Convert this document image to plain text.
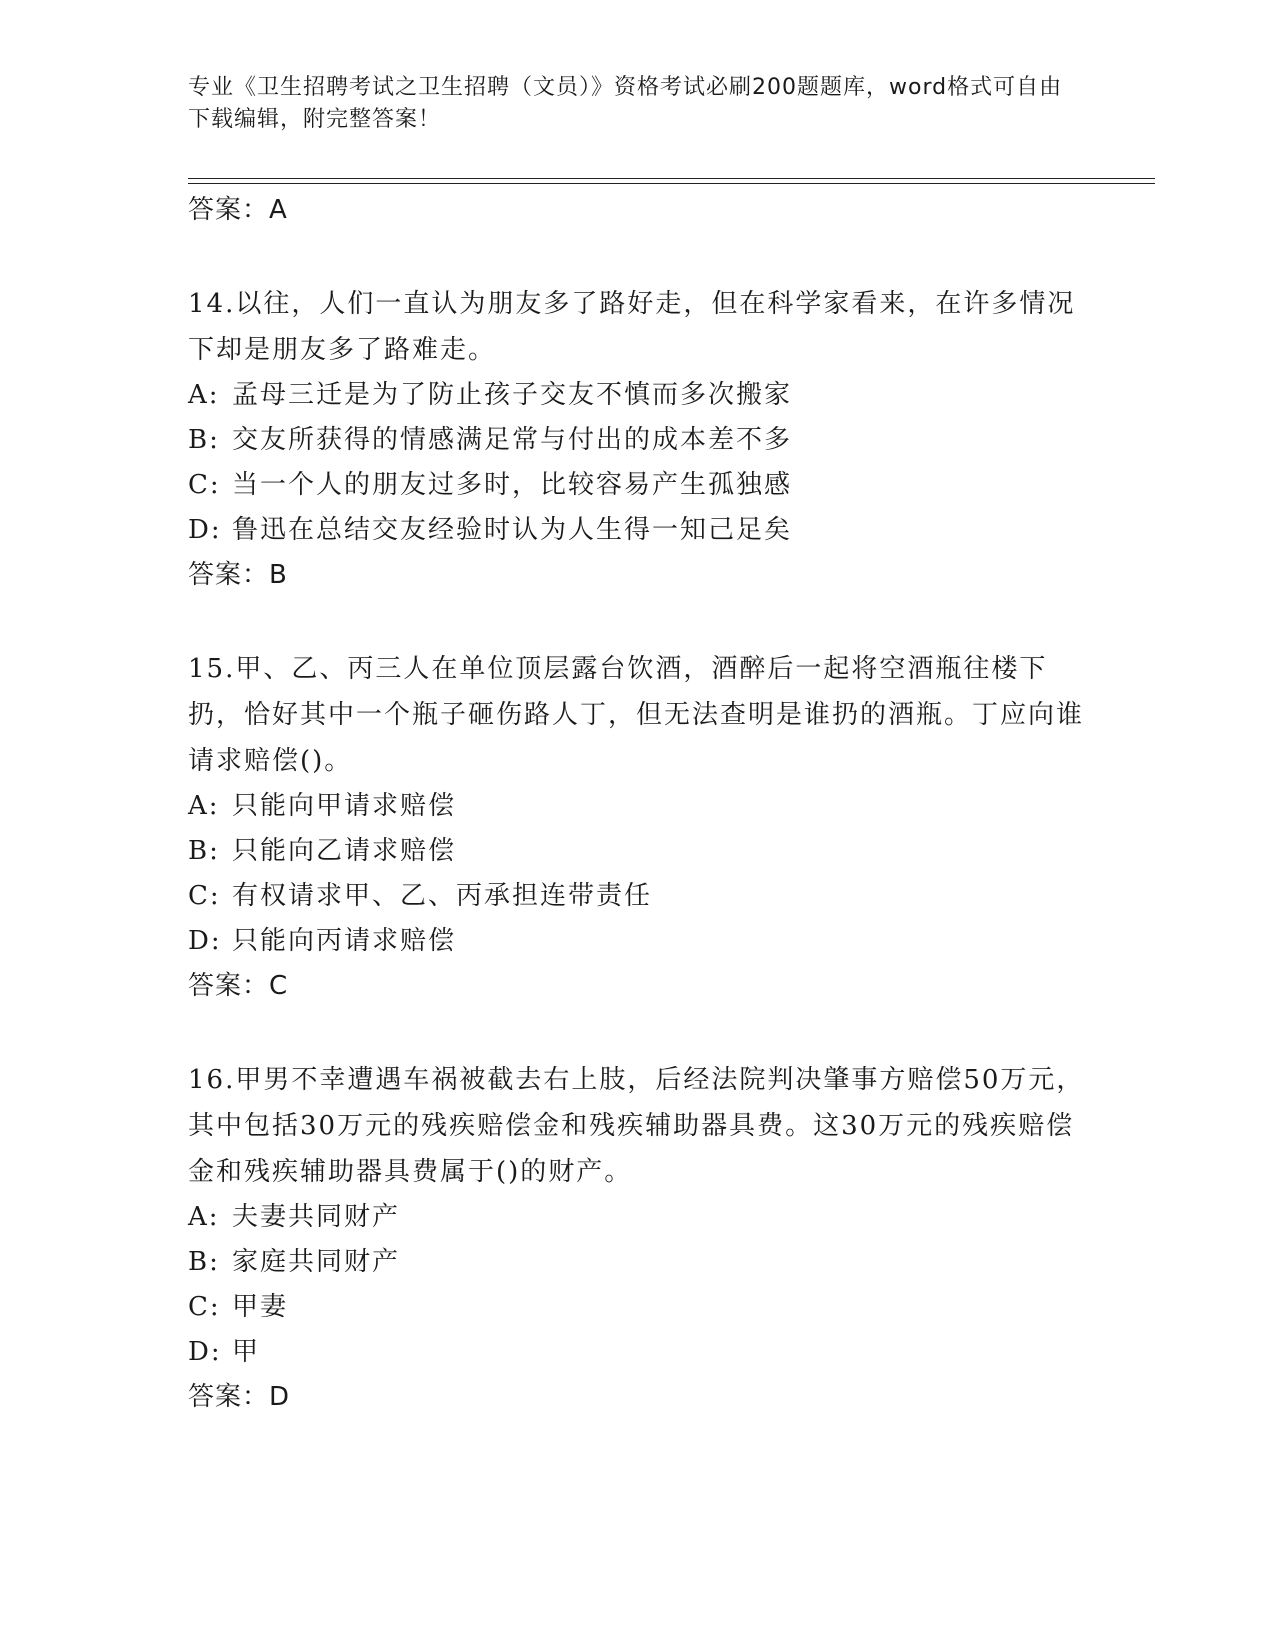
专业《卫生招聘考试之卫生招聘（文员）》资格考试必刷200题题库，word格式可自由下载编辑，附完整答案！

答案：A

14.以往，人们一直认为朋友多了路好走，但在科学家看来，在许多情况下却是朋友多了路难走。

A: 孟母三迁是为了防止孩子交友不慎而多次搬家

B: 交友所获得的情感满足常与付出的成本差不多

C: 当一个人的朋友过多时，比较容易产生孤独感

D: 鲁迅在总结交友经验时认为人生得一知己足矣

答案：B

15.甲、乙、丙三人在单位顶层露台饮酒，酒醉后一起将空酒瓶往楼下扔，恰好其中一个瓶子砸伤路人丁，但无法查明是谁扔的酒瓶。丁应向谁请求赔偿()。

A: 只能向甲请求赔偿

B: 只能向乙请求赔偿

C: 有权请求甲、乙、丙承担连带责任

D: 只能向丙请求赔偿

答案：C

16.甲男不幸遭遇车祸被截去右上肢，后经法院判决肇事方赔偿50万元，其中包括30万元的残疾赔偿金和残疾辅助器具费。这30万元的残疾赔偿金和残疾辅助器具费属于()的财产。

A: 夫妻共同财产

B: 家庭共同财产

C: 甲妻

D: 甲

答案：D
